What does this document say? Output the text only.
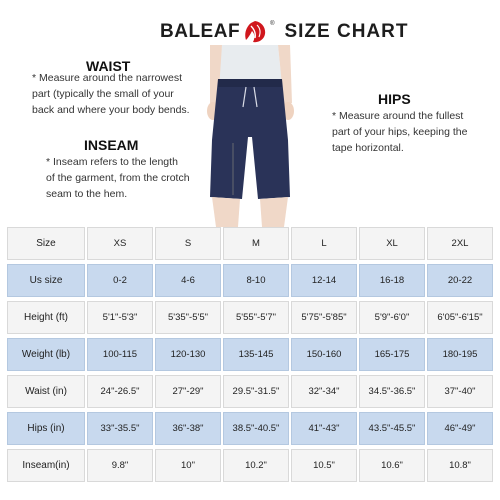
BALEAF	® SIZE CHART
WAIST
* Measure around the narrowest
part (typically the small of your
back and where your body bends.
INSEAM
* Inseam refers to the length
of the garment, from the crotch
seam to the hem.
HIPS
* Measure around the fullest
part of your hips, keeping the
tape horizontal.
Size	XS	S	M	L	XL	2XL
Us size	0-2	4-6	8-10	12-14	16-18	20-22
Height (ft)	5'1"-5'3"	5'35"-5'5"	5'55"-5'7"	5'75"-5'85"	5'9"-6'0"	6'05"-6'15"
Weight (lb)	100-115	120-130	135-145	150-160	165-175	180-195
Waist (in)	24"-26.5"	27"-29"	29.5"-31.5"	32"-34"	34.5"-36.5"	37"-40"
Hips (in)	33"-35.5"	36"-38"	38.5"-40.5"	41"-43"	43.5"-45.5"	46"-49"
Inseam(in)	9.8"	10"	10.2"	10.5"	10.6"	10.8"
